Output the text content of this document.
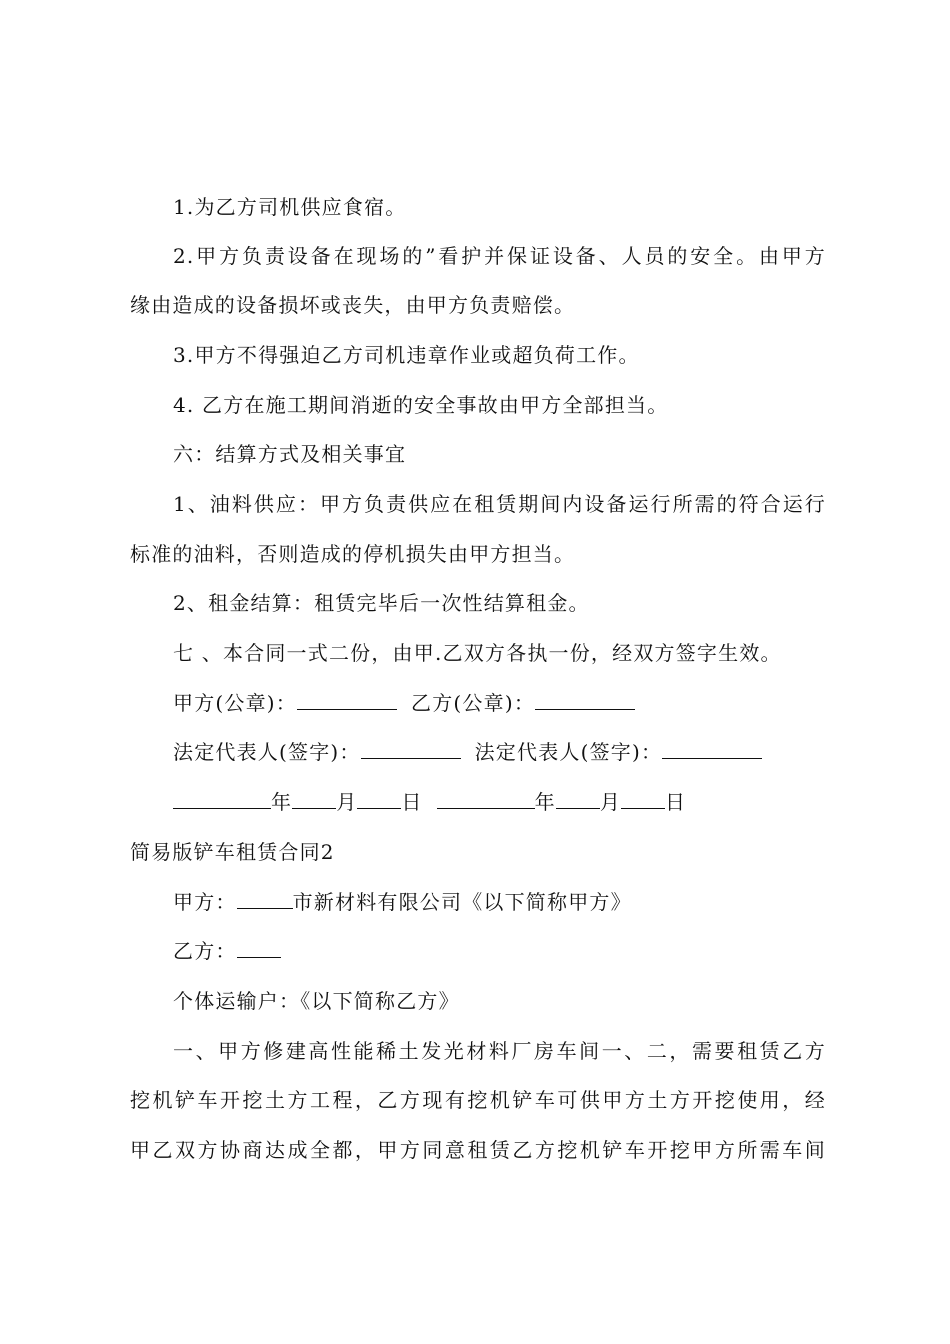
1.为乙方司机供应食宿。
2.甲方负责设备在现场的”看护并保证设备、人员的安全。由甲方
缘由造成的设备损坏或丧失，由甲方负责赔偿。
3.甲方不得强迫乙方司机违章作业或超负荷工作。
4. 乙方在施工期间消逝的安全事故由甲方全部担当。
六：结算方式及相关事宜
1、油料供应：甲方负责供应在租赁期间内设备运行所需的符合运行
标准的油料，否则造成的停机损失由甲方担当。
2、租金结算：租赁完毕后一次性结算租金。
七 、本合同一式二份，由甲.乙双方各执一份，经双方签字生效。
甲方(公章)：	乙方(公章)：
法定代表人(签字)：	法定代表人(签字)：
年 月 日	年 月 日
简易版铲车租赁合同2
甲方：	市新材料有限公司《以下简称甲方》
乙方：
个体运输户：《以下简称乙方》
一、甲方修建高性能稀土发光材料厂房车间一、二，需要租赁乙方
挖机铲车开挖土方工程，乙方现有挖机铲车可供甲方土方开挖使用，经
甲乙双方协商达成全都，甲方同意租赁乙方挖机铲车开挖甲方所需车间
